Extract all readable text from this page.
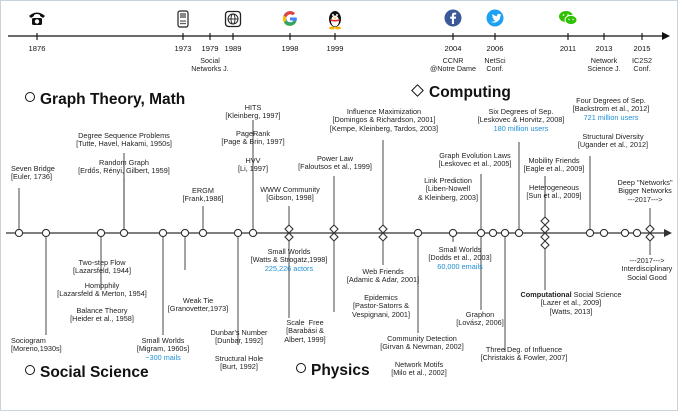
1876	1973 1979 1989	1998	1999	2004	2006	2011	2013	2015
Social
Networks J.
CCNR
@Notre Dame
NetSci
Conf.
Network
Science J.
IC2S2
Conf.
Graph Theory, Math	Computing
Social Science	Physics
Seven Bridge
[Euler, 1736]
Degree Sequence Problems
[Tutte, Havel, Hakami, 1950s]
Random Graph
[Erdős, Rényi, Gilbert, 1959]
ERGM
[Frank,1986]
HITS
[Kleinberg, 1997]
PageRank
[Page & Brin, 1997]
HVV
[Li, 1997]
WWW Community
[Gibson, 1998]
Power Law
[Faloutsos et al., 1999]
Influence Maximization
[Domingos & Richardson, 2001]
[Kempe, Kleinberg, Tardos, 2003]
Graph Evolution Laws
[Leskovec et al., 2005]
Link Prediction
[Liben-Nowell
& Kleinberg, 2003]
Six Degrees of Sep.
[Leskovec & Horvitz, 2008]
180 million users
Four Degrees of Sep.
[Backstrom et al., 2012]
721 million users
Structural Diversity
[Ugander et al., 2012]
Mobility Friends
[Eagle et al., 2009]
Heterogeneous
[Sun et al., 2009]
Deep "Networks"
Bigger Networks
---2017--->
Two-step Flow
[Lazarsfeld, 1944]
Homophily
[Lazarsfeld & Merton, 1954]
Balance Theory
[Heider et al., 1958]
Sociogram
[Moreno,1930s]
Small Worlds
[Migram, 1960s]
~300 mails
Weak Tie
[Granovetter,1973]
Dunbar's Number
[Dunbar, 1992]
Structural Hole
[Burt, 1992]
Small Worlds
[Watts & Strogatz,1998]
225,226 actors
Scale  Free
[Barabási &
Albert, 1999]
Web Friends
[Adamic & Adar, 2001]
Epidemics
[Pastor-Satorrs &
Vespignani, 2001]
Small Worlds
[Dodds et al., 2003]
60,000 emails
Community Detection
[Girvan & Newman, 2002]
Network Motifs
[Milo et al., 2002]
Graphon
[Lovász, 2006]
Three Deg. of Influence
[Christakis & Fowler, 2007]
Computational Social Science
[Lazer et al., 2009]
[Watts, 2013]
---2017--->
Interdisciplinary
Social Good
